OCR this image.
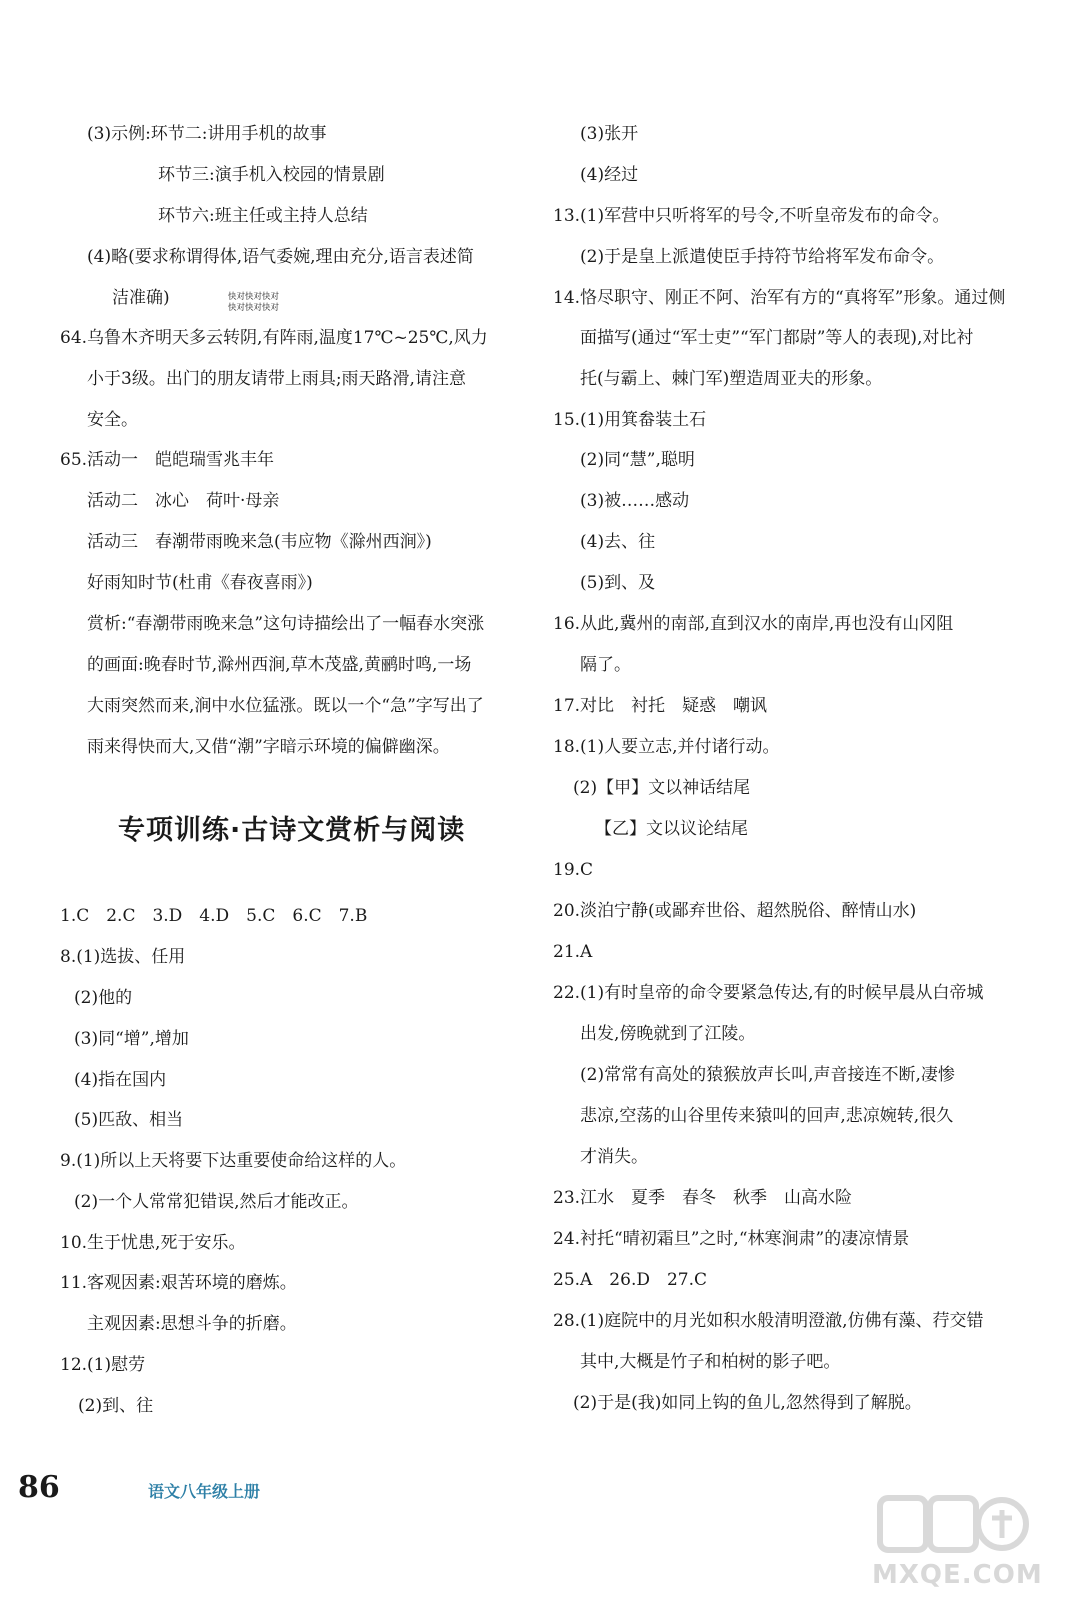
(3)示例:环节二:讲用手机的故事
环节三:演手机入校园的情景剧
环节六:班主任或主持人总结
(4)略(要求称谓得体,语气委婉,理由充分,语言表述简
洁准确)	快对快对快对
快对快对快对
64.乌鲁木齐明天多云转阴,有阵雨,温度17℃~25℃,风力
小于3级。出门的朋友请带上雨具;雨天路滑,请注意
安全。
65.活动一　皑皑瑞雪兆丰年
活动二　冰心　荷叶·母亲
活动三　春潮带雨晚来急(韦应物《滁州西涧》)
好雨知时节(杜甫《春夜喜雨》)
赏析:“春潮带雨晚来急”这句诗描绘出了一幅春水突涨
的画面:晚春时节,滁州西涧,草木茂盛,黄鹂时鸣,一场
大雨突然而来,涧中水位猛涨。既以一个“急”字写出了
雨来得快而大,又借“潮”字暗示环境的偏僻幽深。
1.C　2.C　3.D　4.D　5.C　6.C　7.B
8.(1)选拔、任用
(2)他的
(3)同“增”,增加
(4)指在国内
(5)匹敌、相当
9.(1)所以上天将要下达重要使命给这样的人。
(2)一个人常常犯错误,然后才能改正。
10.生于忧患,死于安乐。
11.客观因素:艰苦环境的磨炼。
主观因素:思想斗争的折磨。
12.(1)慰劳
(2)到、往
专项训练·古诗文赏析与阅读
(3)张开
(4)经过
13.(1)军营中只听将军的号令,不听皇帝发布的命令。
(2)于是皇上派遣使臣手持符节给将军发布命令。
14.恪尽职守、刚正不阿、治军有方的“真将军”形象。通过侧
面描写(通过“军士吏”“军门都尉”等人的表现),对比衬
托(与霸上、棘门军)塑造周亚夫的形象。
15.(1)用箕畚装土石
(2)同“慧”,聪明
(3)被……感动
(4)去、往
(5)到、及
16.从此,冀州的南部,直到汉水的南岸,再也没有山冈阻
隔了。
17.对比　衬托　疑惑　嘲讽
18.(1)人要立志,并付诸行动。
(2)【甲】文以神话结尾
【乙】文以议论结尾
19.C
20.淡泊宁静(或鄙弃世俗、超然脱俗、醉情山水)
21.A
22.(1)有时皇帝的命令要紧急传达,有的时候早晨从白帝城
出发,傍晚就到了江陵。
(2)常常有高处的猿猴放声长叫,声音接连不断,凄惨
悲凉,空荡的山谷里传来猿叫的回声,悲凉婉转,很久
才消失。
23.江水　夏季　春冬　秋季　山高水险
24.衬托“晴初霜旦”之时,“林寒涧肃”的凄凉情景
25.A　26.D　27.C
28.(1)庭院中的月光如积水般清明澄澈,仿佛有藻、荇交错
其中,大概是竹子和柏树的影子吧。
(2)于是(我)如同上钩的鱼儿,忽然得到了解脱。
86	语文八年级上册
MXQE.COM
